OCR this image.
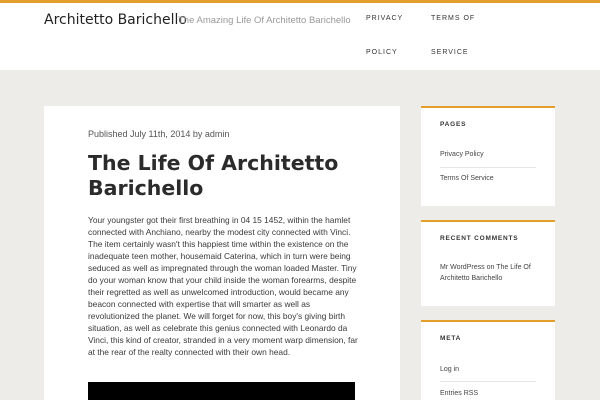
Architetto Barichello
The Amazing Life Of Architetto Barichello PRIVACY
POLICY
TERMS OF
SERVICE
Published July 11th, 2014 by admin
The Life Of Architetto Barichello
Your youngster got their first breathing in 04 15 1452, within the hamlet connected with Anchiano, nearby the modest city connected with Vinci. The item certainly wasn't this happiest time within the existence on the inadequate teen mother, housemaid Caterina, which in turn were being seduced as well as impregnated through the woman loaded Master. Tiny do your woman know that your child inside the woman forearms, despite their regretted as well as unwelcomed introduction, would became any beacon connected with expertise that will smarter as well as revolutionized the planet. We will forget for now, this boy's giving birth situation, as well as celebrate this genius connected with Leonardo da Vinci, this kind of creator, stranded in a very moment warp dimension, far at the rear of the realty connected with their own head.
PAGES
Privacy Policy
Terms Of Service
RECENT COMMENTS
Mr WordPress on The Life Of Architetto Barichello
META
Log in
Entries RSS
